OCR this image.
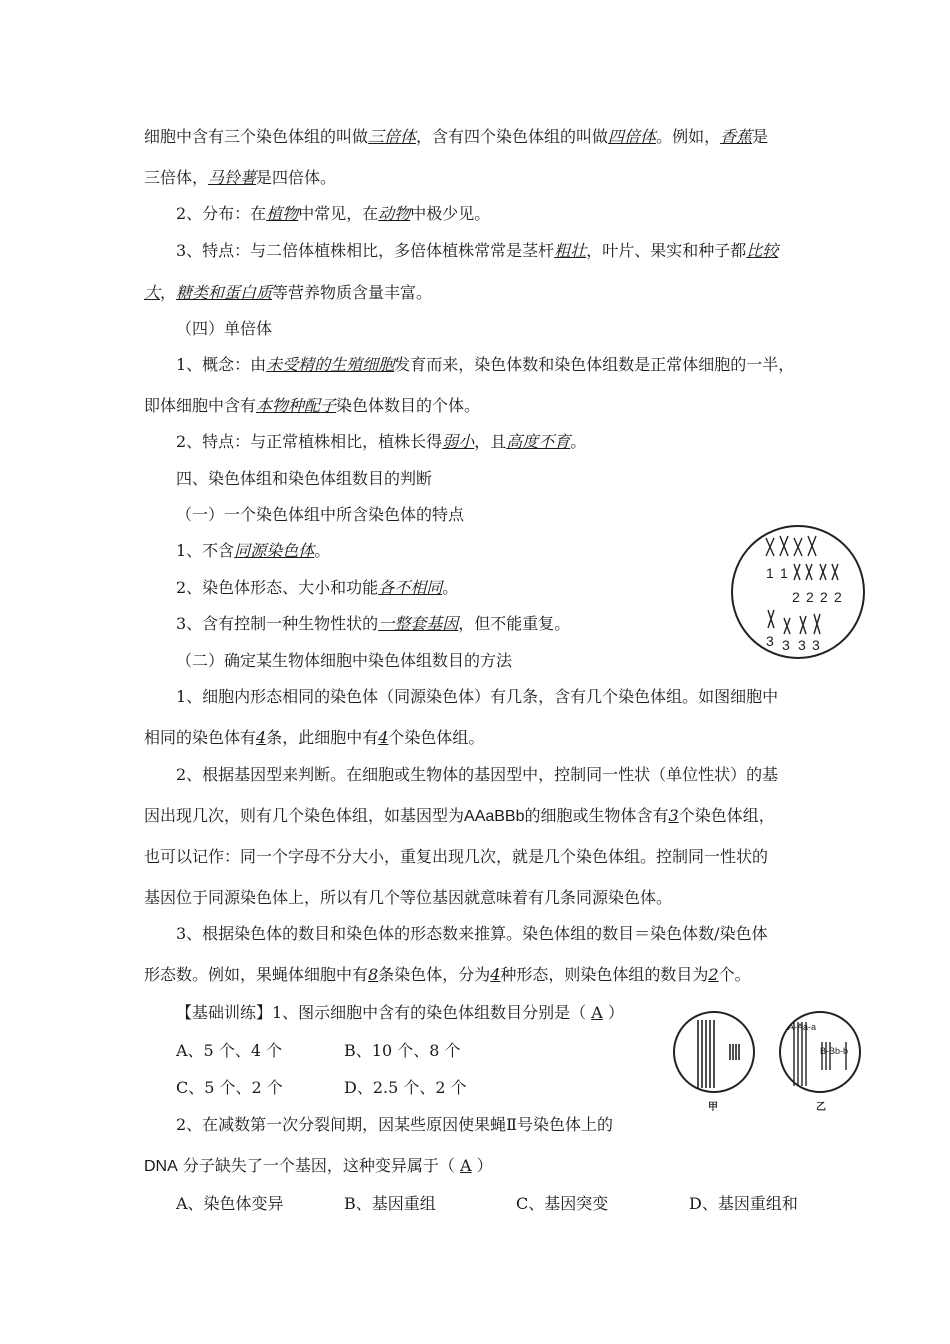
细胞中含有三个染色体组的叫做三倍体，含有四个染色体组的叫做四倍体。例如，香蕉是
三倍体，马铃薯是四倍体。
2、分布：在植物中常见，在动物中极少见。
3、特点：与二倍体植株相比，多倍体植株常常是茎杆粗壮，叶片、果实和种子都比较
大，糖类和蛋白质等营养物质含量丰富。
（四）单倍体
1、概念：由未受精的生殖细胞发育而来，染色体数和染色体组数是正常体细胞的一半，
即体细胞中含有本物种配子染色体数目的个体。
2、特点：与正常植株相比，植株长得弱小，且高度不育。
四、染色体组和染色体组数目的判断
（一）一个染色体组中所含染色体的特点
1、不含同源染色体。
2、染色体形态、大小和功能各不相同。
3、含有控制一种生物性状的一整套基因，但不能重复。
（二）确定某生物体细胞中染色体组数目的方法
1、细胞内形态相同的染色体（同源染色体）有几条，含有几个染色体组。如图细胞中
相同的染色体有4条，此细胞中有4个染色体组。
2、根据基因型来判断。在细胞或生物体的基因型中，控制同一性状（单位性状）的基
因出现几次，则有几个染色体组，如基因型为AAaBBb的细胞或生物体含有3个染色体组，
也可以记作：同一个字母不分大小，重复出现几次，就是几个染色体组。控制同一性状的
基因位于同源染色体上，所以有几个等位基因就意味着有几条同源染色体。
3、根据染色体的数目和染色体的形态数来推算。染色体组的数目＝染色体数/染色体
形态数。例如，果蝇体细胞中有8条染色体，分为4种形态，则染色体组的数目为2个。
【基础训练】1、图示细胞中含有的染色体组数目分别是（ A ）
A、5 个、4 个	B、10 个、8 个
C、5 个、2 个	D、2.5 个、2 个
2、在减数第一次分裂间期，因某些原因使果蝇Ⅱ号染色体上的
DNA 分子缺失了一个基因，这种变异属于（ A ）
A、染色体变异	B、基因重组	C、基因突变	D、基因重组和
1 1
2 2 2 2
3 3 3 3
A-Aa-a
B-Bb-b
甲	乙
